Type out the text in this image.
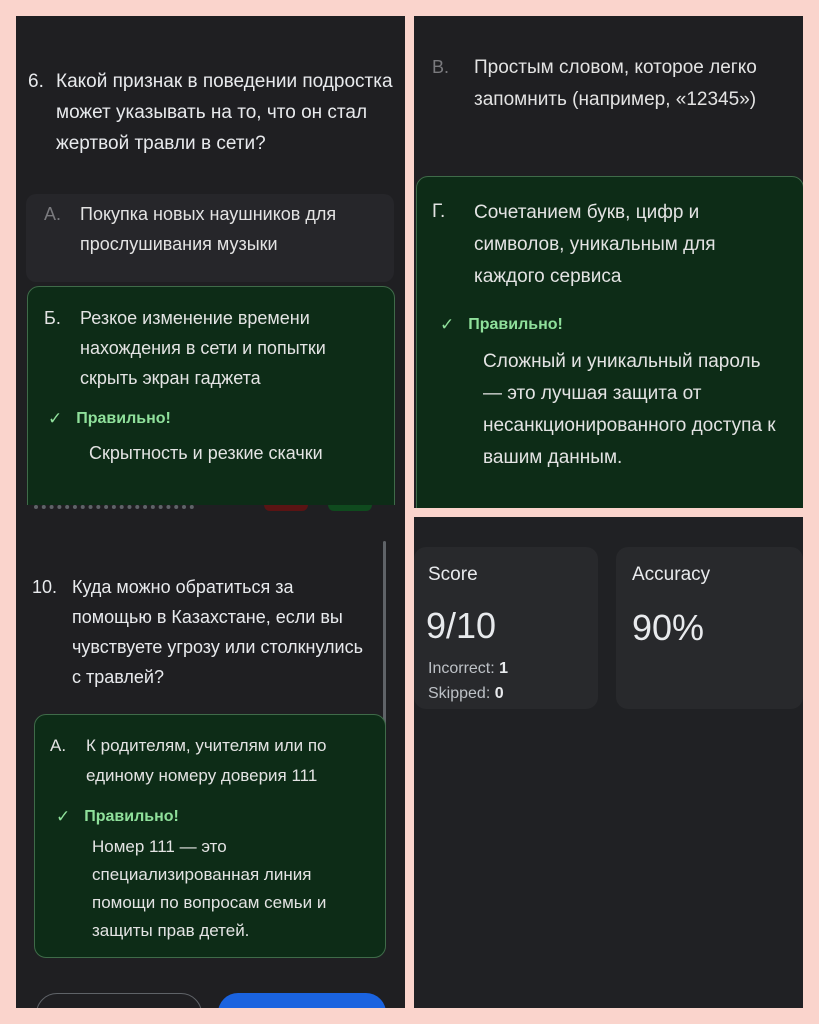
6. Какой признак в поведении подростка может указывать на то, что он стал жертвой травли в сети?
А.	Покупка новых наушников для прослушивания музыки
Б.	Резкое изменение времени нахождения в сети и попытки скрыть экран гаджета
✓ Правильно!
Скрытность и резкие скачки
В.	Простым словом, которое легко запомнить (например, «12345»)
Г.	Сочетанием букв, цифр и символов, уникальным для каждого сервиса
✓ Правильно!
Сложный и уникальный пароль — это лучшая защита от несанкционированного доступа к вашим данным.
10. Куда можно обратиться за помощью в Казахстане, если вы чувствуете угрозу или столкнулись с травлей?
А.	К родителям, учителям или по единому номеру доверия 111
✓ Правильно!
Номер 111 — это специализированная линия помощи по вопросам семьи и защиты прав детей.
Score
9/10
Incorrect: 1
Skipped: 0
Accuracy
90%
